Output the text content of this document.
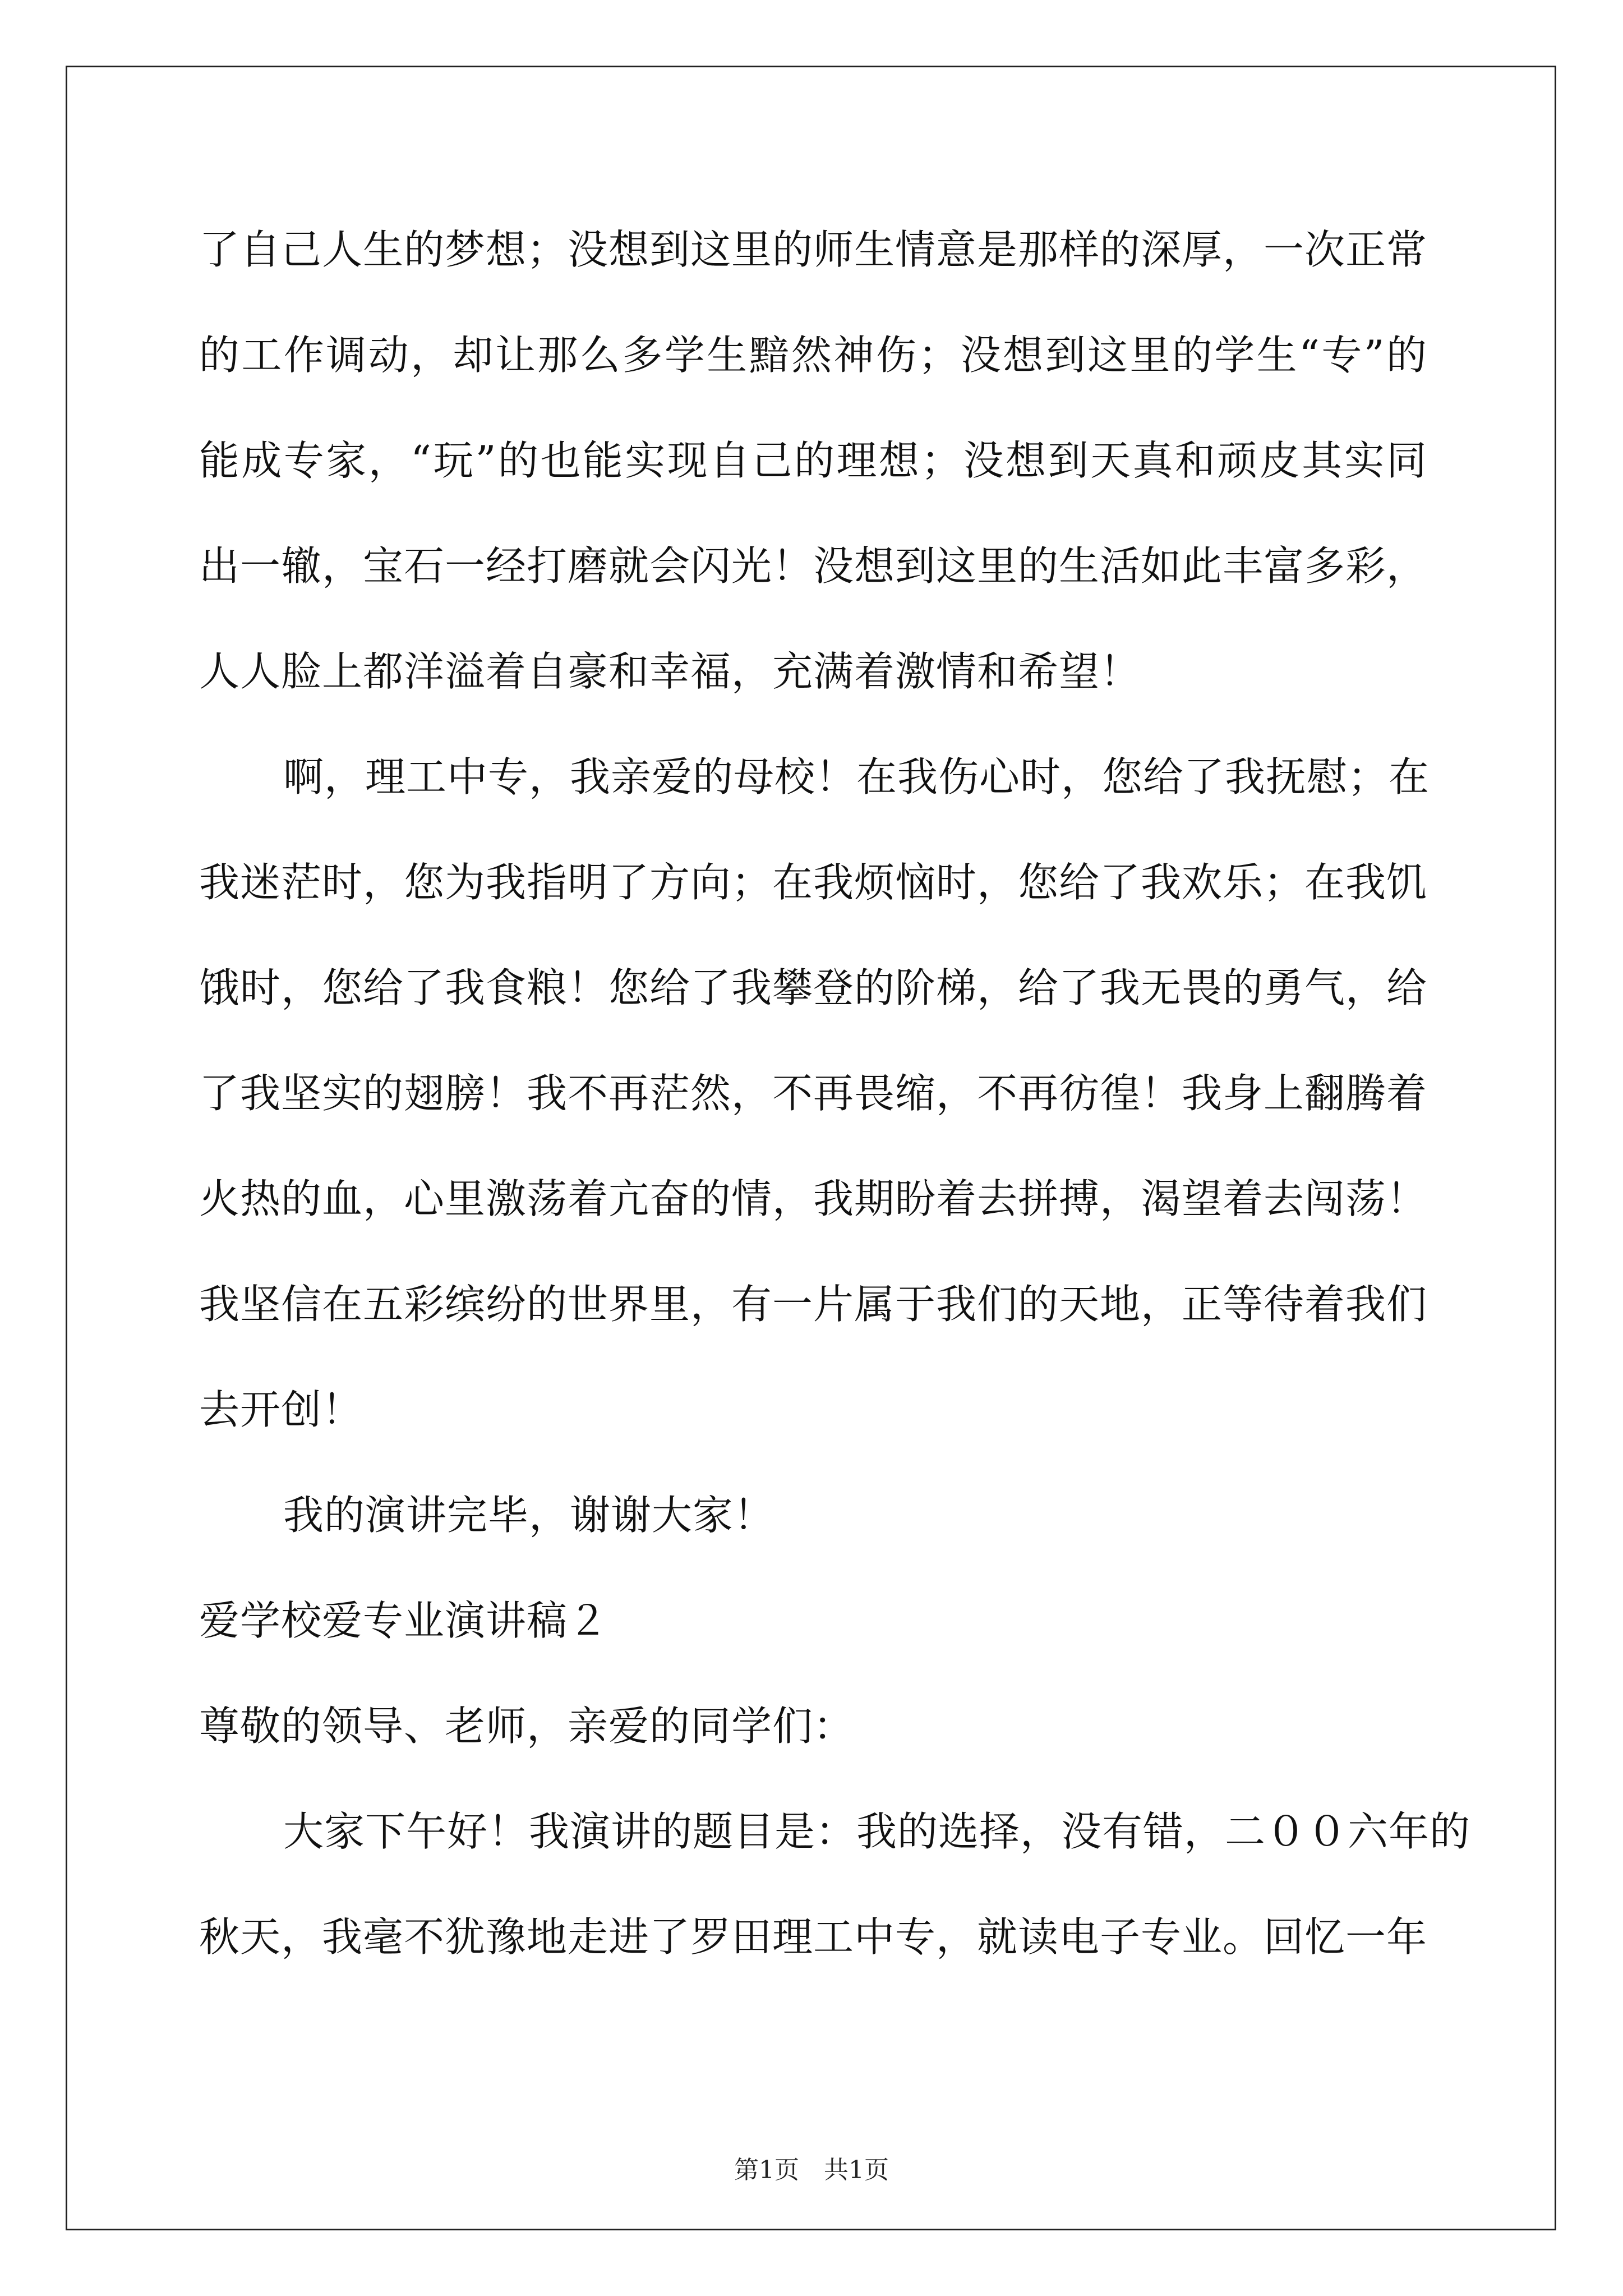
了自己人生的梦想；没想到这里的师生情意是那样的深厚，一次正常
的工作调动，却让那么多学生黯然神伤；没想到这里的学生“专”的
能成专家，“玩”的也能实现自己的理想；没想到天真和顽皮其实同
出一辙，宝石一经打磨就会闪光！没想到这里的生活如此丰富多彩，
人人脸上都洋溢着自豪和幸福，充满着激情和希望！
啊，理工中专，我亲爱的母校！在我伤心时，您给了我抚慰；在
我迷茫时，您为我指明了方向；在我烦恼时，您给了我欢乐；在我饥
饿时，您给了我食粮！您给了我攀登的阶梯，给了我无畏的勇气，给
了我坚实的翅膀！我不再茫然，不再畏缩，不再彷徨！我身上翻腾着
火热的血，心里激荡着亢奋的情，我期盼着去拼搏，渴望着去闯荡！
我坚信在五彩缤纷的世界里，有一片属于我们的天地，正等待着我们
去开创！
我的演讲完毕，谢谢大家！
爱学校爱专业演讲稿２
尊敬的领导、老师，亲爱的同学们：
大家下午好！我演讲的题目是：我的选择，没有错，二００六年的
秋天，我毫不犹豫地走进了罗田理工中专，就读电子专业。回忆一年
第1页　共1页
